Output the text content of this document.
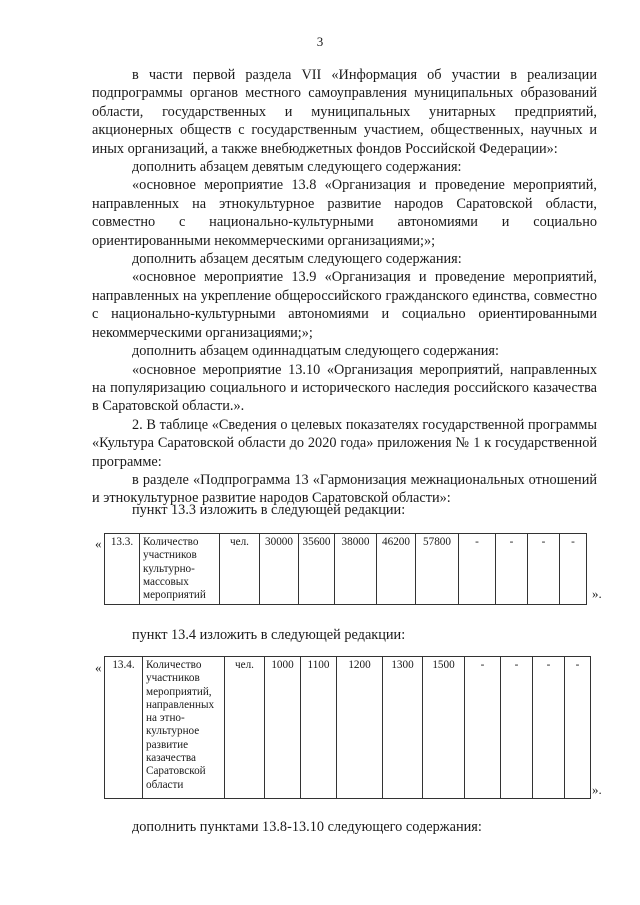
3

в части первой раздела VII «Информация об участии в реализации подпрограммы органов местного самоуправления муниципальных образований области, государственных и муниципальных унитарных предприятий, акционерных обществ с государственным участием, общественных, научных и иных организаций, а также внебюджетных фондов Российской Федерации»:

дополнить абзацем девятым следующего содержания:

«основное мероприятие 13.8 «Организация и проведение мероприятий, направленных на этнокультурное развитие народов Саратовской области, совместно с национально-культурными автономиями и социально ориентированными некоммерческими организациями;»;

дополнить абзацем десятым следующего содержания:

«основное мероприятие 13.9 «Организация и проведение мероприятий, направленных на укрепление общероссийского гражданского единства, совместно с национально-культурными автономиями и социально ориентированными некоммерческими организациями;»;

дополнить абзацем одиннадцатым следующего содержания:

«основное мероприятие 13.10 «Организация мероприятий, направленных на популяризацию социального и исторического наследия российского казачества в Саратовской области.».

2. В таблице «Сведения о целевых показателях государственной программы «Культура Саратовской области до 2020 года» приложения № 1 к государственной программе:

в разделе «Подпрограмма 13 «Гармонизация межнациональных отношений и этнокультурное развитие народов Саратовской области»:

пункт 13.3 изложить в следующей редакции:
« 13.3.	Количество участников культурно-массовых мероприятий	чел.	30000	35600	38000	46200	57800	-	-	-	-
».
пункт 13.4 изложить в следующей редакции:
« 13.4.	Количество участников мероприятий, направленных на этно-культурное развитие казачества Саратовской области	чел.	1000	1100	1200	1300	1500	-	-	-	-
».
дополнить пунктами 13.8-13.10 следующего содержания:
